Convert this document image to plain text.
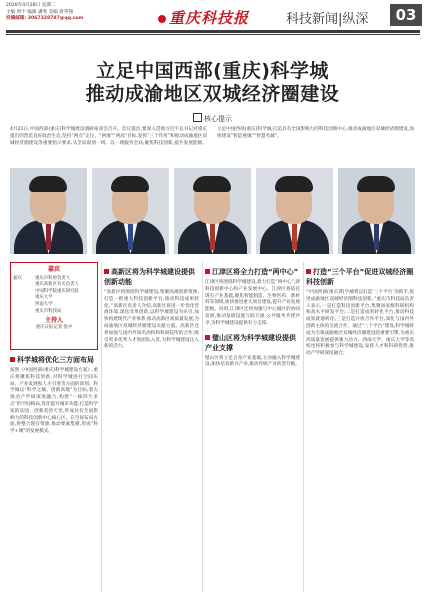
2020年4月28日 星期二
主编 周宇 编辑 潘秀 美编 唐英翔
投稿邮箱: 3067328787@qq.com	重庆科技报	科技新闻|纵深	03
立足中国西部(重庆)科学城
推动成渝地区双城经济圈建设
核心提示
4月21日,中国西部(重庆)科学城建设调研座谈会召开。会议提出,要深入贯彻习近平总书记对重庆提出的营造良好政治生态,坚持“两点”定位、“两地”“两高”目标,发挥“三个作用”和推动成渝地区双城经济圈建设等重要指示要求,从全局谋划一域、以一域服务全局,聚焦科技创新,提升发展能级。立足中国西部(重庆)科学城,打造具有全国影响力的科技创新中心,推动成渝地区双城经济圈建设,加快建设“智造重镇”“智慧名城”。
嘉宾
嘉宾	重庆市科协负责人
重庆高新区有关负责人
中国科学院重庆研究院
重庆大学
西南大学
重庆市科技局
主持人
重庆日报记者 张中
科学城将优化三方面布局
按照《中国西部(重庆)科学城建设方案》,重庆将聚焦科技创新,对科学城进行空间布局、产业发展和人才引进等方面的谋划。科学城以“科学之城、创新高地”为目标,着力推动产学研深度融合,构建“一核四片多点”的空间格局,优化提升城市功能,打造科学家的乐园、创新者的天堂,形成具有全国影响力的科技创新中心核心区。在空间布局方面,将整合现有资源,推动要素集聚,形成“科学+城”的发展模式。
高新区将为科学城建设提供创新动能
“高新区将围绕科学城建设,集聚高端创新资源,打造一批重大科技创新平台,推动科技成果转化。”高新区负责人介绍,高新区将进一步优化营商环境,深化改革创新,以科学城建设为牵引,加快构建现代产业体系,推动高新区高质量发展,为成渝地区双城经济圈建设贡献力量。高新区还将加强与国内外知名高校和科研院所的合作,吸引更多优秀人才和团队入驻,为科学城建设注入新的活力。
江津区将全力打造“两中心”
江津区将围绕科学城建设,着力打造“两中心”,即科技创新中心和产业发展中心。江津区将依托现有产业基础,聚焦智能制造、生物医药、新材料等领域,加快推进重大项目建设,提升产业发展能级。同时,江津区还将加强与中心城区的协同发展,推动基础设施互联互通,公共服务共建共享,为科学城建设提供有力支撑。
璧山区将为科学城建设提供产业支撑
璧山区将立足自身产业基础,主动融入科学城建设,加快培育新兴产业,推动传统产业转型升级。
打造“三个平台”促进双城经济圈科技创新
“中国西部(重庆)科学城将以打造‘三个平台’为抓手,促进成渝地区双城经济圈科技创新。”重庆市科技局负责人表示,一是打造科技创新平台,集聚国家级科研机构和高水平研发平台;二是打造成果转化平台,推动科技成果就地转化;三是打造开放合作平台,深化与国内外创新主体的交流合作。通过“三个平台”建设,科学城将成为引领成渝地区双城经济圈建设的重要引擎,为重庆高质量发展提供强大动力。西南大学、重庆大学等高校也将积极参与科学城建设,发挥人才和科研优势,推动产学研深度融合。
